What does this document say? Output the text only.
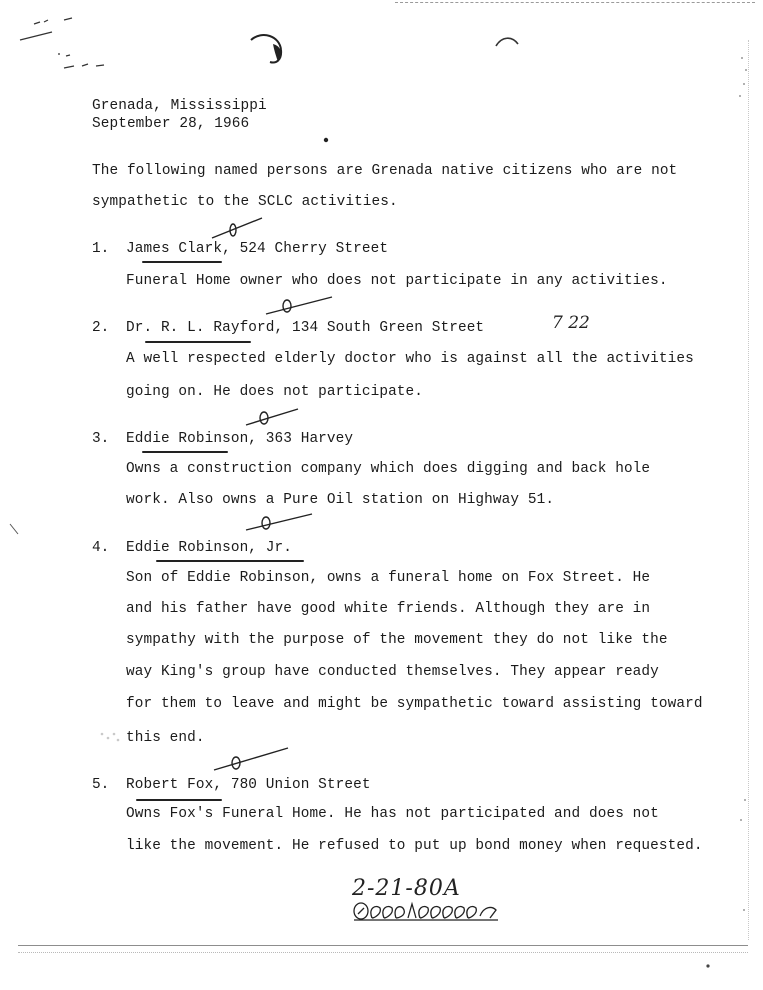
Grenada, Mississippi
September 28, 1966
The following named persons are Grenada native citizens who are not
sympathetic to the SCLC activities.
1. James Clark, 524 Cherry Street
Funeral Home owner who does not participate in any activities.
2. Dr. R. L. Rayford, 134 South Green Street	7 22
A well respected elderly doctor who is against all the activities
going on. He does not participate.
3. Eddie Robinson, 363 Harvey
Owns a construction company which does digging and back hole
work. Also owns a Pure Oil station on Highway 51.
4. Eddie Robinson, Jr.
Son of Eddie Robinson, owns a funeral home on Fox Street. He
and his father have good white friends. Although they are in
sympathy with the purpose of the movement they do not like the
way King's group have conducted themselves. They appear ready
for them to leave and might be sympathetic toward assisting toward
this end.
5. Robert Fox, 780 Union Street
Owns Fox's Funeral Home. He has not participated and does not
like the movement. He refused to put up bond money when requested.
2-21-80A
